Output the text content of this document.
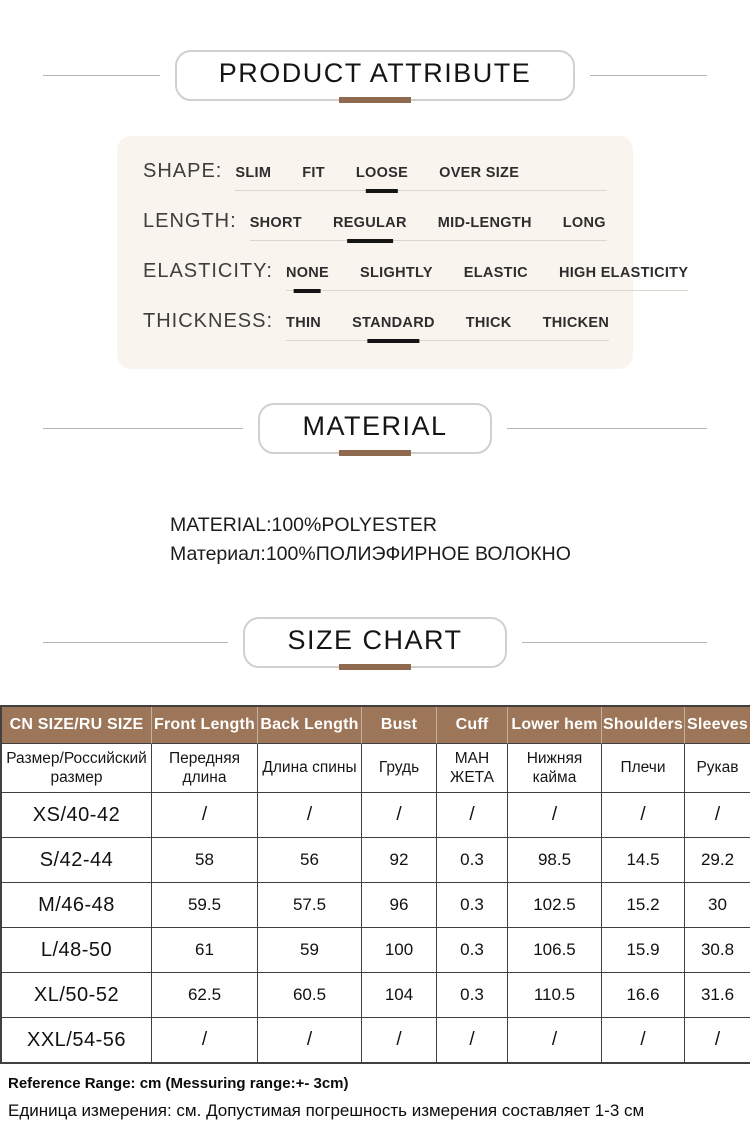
PRODUCT ATTRIBUTE
SHAPE: SLIM FIT LOOSE OVER SIZE
LENGTH: SHORT REGULAR MID-LENGTH LONG
ELASTICITY: NONE SLIGHTLY ELASTIC HIGH ELASTICITY
THICKNESS: THIN STANDARD THICK THICKEN
MATERIAL
MATERIAL:100%POLYESTER
Материал:100%ПОЛИЭФИРНОЕ ВОЛОКНО
SIZE CHART
CN SIZE/RU SIZE	Front Length	Back Length	Bust	Cuff	Lower hem	Shoulders	Sleeves
Размер/Российский размер	Передняя длина	Длина спины	Грудь	МАН ЖЕТА	Нижняя кайма	Плечи	Рукав
XS/40-42	/	/	/	/	/	/	/
S/42-44	58	56	92	0.3	98.5	14.5	29.2
M/46-48	59.5	57.5	96	0.3	102.5	15.2	30
L/48-50	61	59	100	0.3	106.5	15.9	30.8
XL/50-52	62.5	60.5	104	0.3	110.5	16.6	31.6
XXL/54-56	/	/	/	/	/	/	/
Reference Range: cm (Messuring range:+- 3cm)
Единица измерения: см. Допустимая погрешность измерения составляет 1-3 см
